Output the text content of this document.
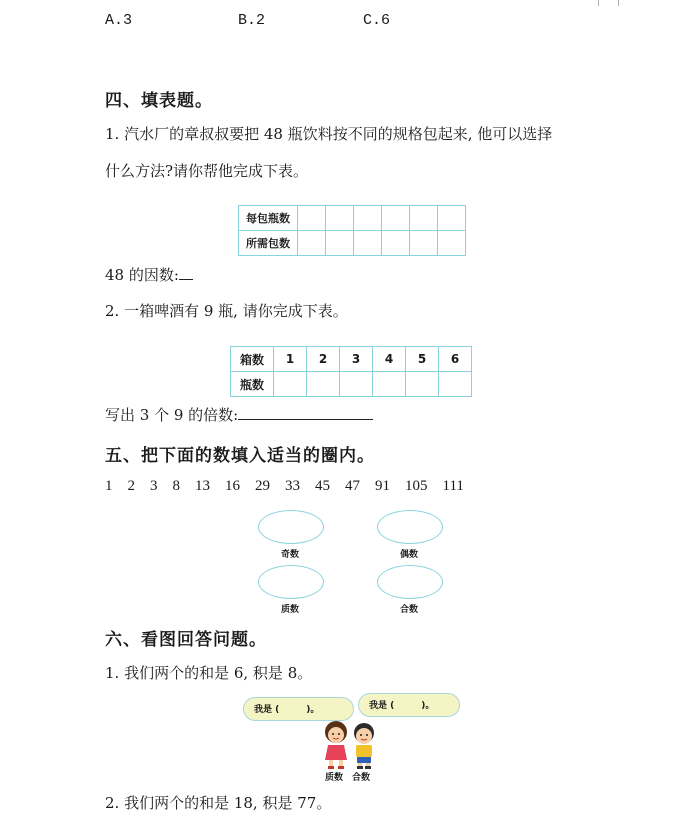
A.3	B.2	C.6
四、填表题。
1. 汽水厂的章叔叔要把 48 瓶饮料按不同的规格包起来, 他可以选择
什么方法?请你帮他完成下表。
每包瓶数						
所需包数						
48 的因数:
2. 一箱啤酒有 9 瓶, 请你完成下表。
箱数	1	2	3	4	5	6
瓶数						
写出 3 个 9 的倍数:
五、把下面的数填入适当的圈内。
1 2 3 8 13 16 29 33 45 47 91 105 111
奇数	偶数
质数	合数
六、看图回答问题。
1. 我们两个的和是 6, 积是 8。
我是 (　　　)。	我是 (　　　)。
质数 合数
2. 我们两个的和是 18, 积是 77。
